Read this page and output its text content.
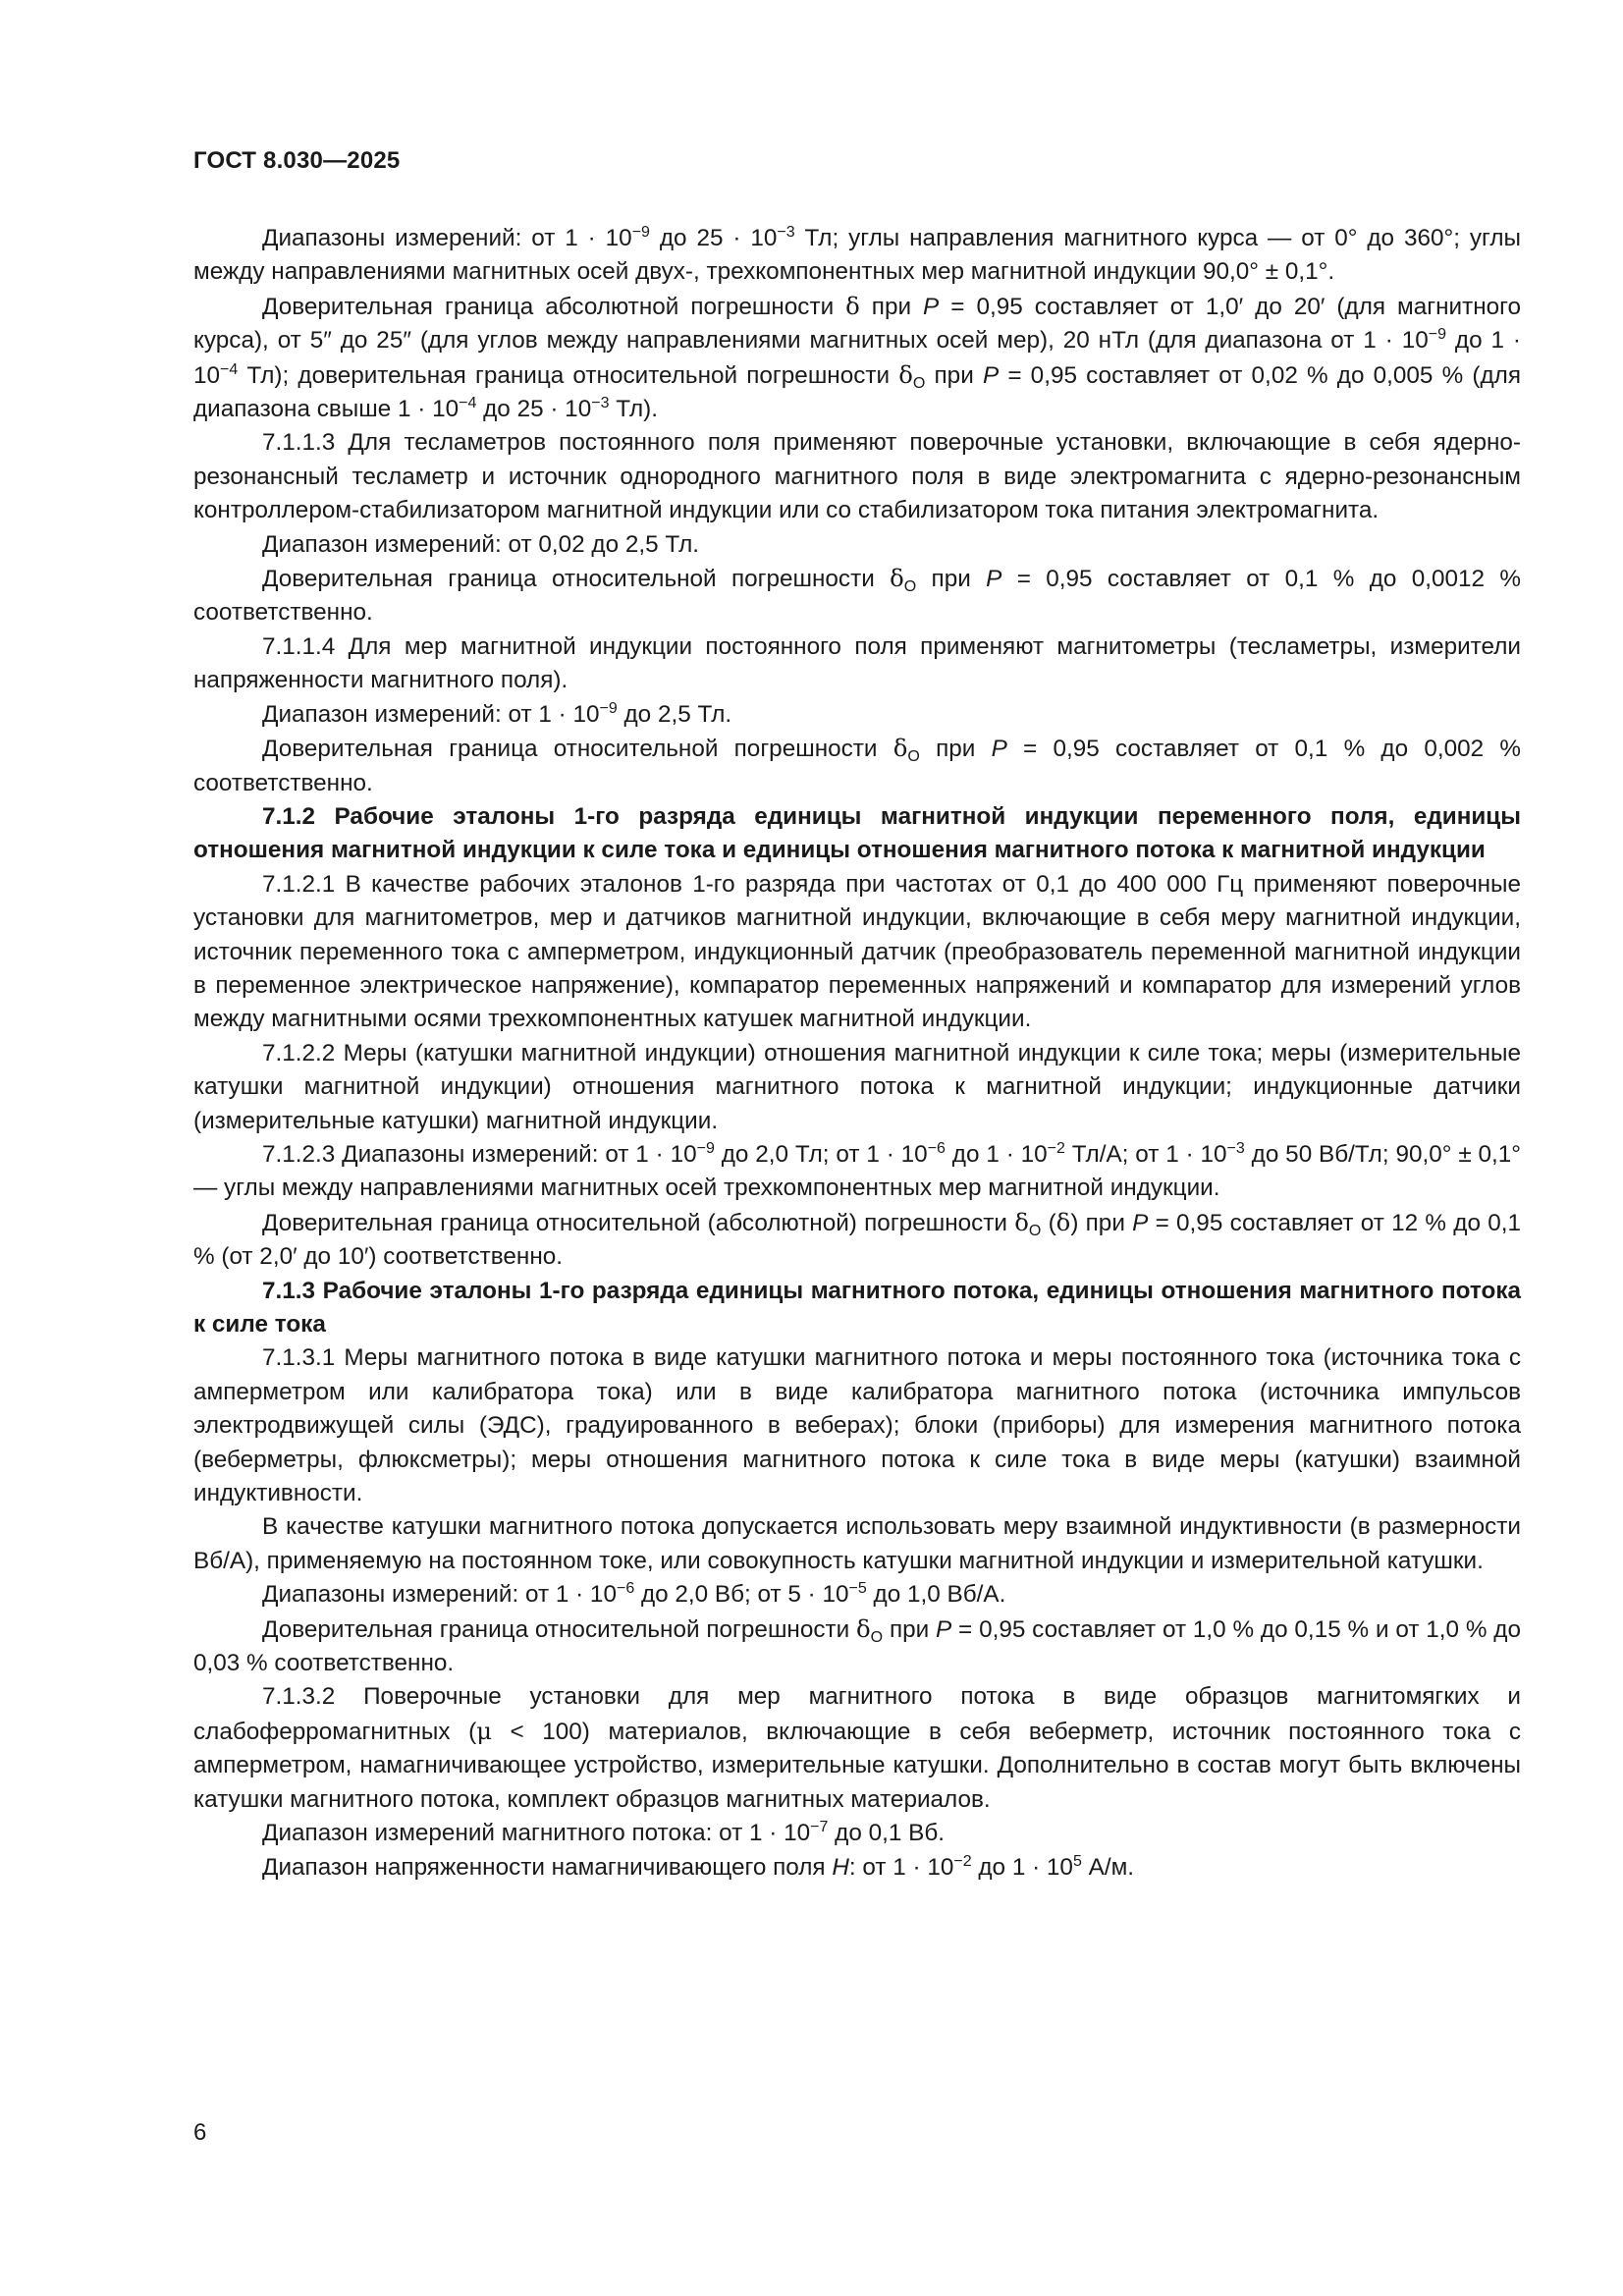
ГОСТ 8.030—2025

Диапазоны измерений: от $1 \cdot 10^{-9}$ до $25 \cdot 10^{-3}$ Тл; углы направления магнитного курса — от 0° до 360°; углы между направлениями магнитных осей двух-, трехкомпонентных мер магнитной индукции 90,0° ± 0,1°.

Доверительная граница абсолютной погрешности δ при P = 0,95 составляет от 1,0′ до 20′ (для магнитного курса), от 5″ до 25″ (для углов между направлениями магнитных осей мер), 20 нТл (для диапазона от $1 \cdot 10^{-9}$ до $1 \cdot 10^{-4}$ Тл); доверительная граница относительной погрешности $\delta_O$ при P = 0,95 составляет от 0,02 % до 0,005 % (для диапазона свыше $1 \cdot 10^{-4}$ до $25 \cdot 10^{-3}$ Тл).

7.1.1.3 Для тесламетров постоянного поля применяют поверочные установки, включающие в себя ядерно-резонансный тесламетр и источник однородного магнитного поля в виде электромагнита с ядерно-резонансным контроллером-стабилизатором магнитной индукции или со стабилизатором тока питания электромагнита.

Диапазон измерений: от 0,02 до 2,5 Тл.

Доверительная граница относительной погрешности $\delta_O$ при P = 0,95 составляет от 0,1 % до 0,0012 % соответственно.

7.1.1.4 Для мер магнитной индукции постоянного поля применяют магнитометры (тесламетры, измерители напряженности магнитного поля).

Диапазон измерений: от $1 \cdot 10^{-9}$ до 2,5 Тл.

Доверительная граница относительной погрешности $\delta_O$ при P = 0,95 составляет от 0,1 % до 0,002 % соответственно.

7.1.2 Рабочие эталоны 1-го разряда единицы магнитной индукции переменного поля, единицы отношения магнитной индукции к силе тока и единицы отношения магнитного потока к магнитной индукции

7.1.2.1 В качестве рабочих эталонов 1-го разряда при частотах от 0,1 до 400 000 Гц применяют поверочные установки для магнитометров, мер и датчиков магнитной индукции, включающие в себя меру магнитной индукции, источник переменного тока с амперметром, индукционный датчик (преобразователь переменной магнитной индукции в переменное электрическое напряжение), компаратор переменных напряжений и компаратор для измерений углов между магнитными осями трехкомпонентных катушек магнитной индукции.

7.1.2.2 Меры (катушки магнитной индукции) отношения магнитной индукции к силе тока; меры (измерительные катушки магнитной индукции) отношения магнитного потока к магнитной индукции; индукционные датчики (измерительные катушки) магнитной индукции.

7.1.2.3 Диапазоны измерений: от $1 \cdot 10^{-9}$ до 2,0 Тл; от $1 \cdot 10^{-6}$ до $1 \cdot 10^{-2}$ Тл/А; от $1 \cdot 10^{-3}$ до 50 Вб/Тл; 90,0° ± 0,1° — углы между направлениями магнитных осей трехкомпонентных мер магнитной индукции.

Доверительная граница относительной (абсолютной) погрешности $\delta_O$ (δ) при P = 0,95 составляет от 12 % до 0,1 % (от 2,0′ до 10′) соответственно.

7.1.3 Рабочие эталоны 1-го разряда единицы магнитного потока, единицы отношения магнитного потока к силе тока

7.1.3.1 Меры магнитного потока в виде катушки магнитного потока и меры постоянного тока (источника тока с амперметром или калибратора тока) или в виде калибратора магнитного потока (источника импульсов электродвижущей силы (ЭДС), градуированного в веберах); блоки (приборы) для измерения магнитного потока (веберметры, флюксметры); меры отношения магнитного потока к силе тока в виде меры (катушки) взаимной индуктивности.

В качестве катушки магнитного потока допускается использовать меру взаимной индуктивности (в размерности Вб/А), применяемую на постоянном токе, или совокупность катушки магнитной индукции и измерительной катушки.

Диапазоны измерений: от $1 \cdot 10^{-6}$ до 2,0 Вб; от $5 \cdot 10^{-5}$ до 1,0 Вб/А.

Доверительная граница относительной погрешности $\delta_O$ при P = 0,95 составляет от 1,0 % до 0,15 % и от 1,0 % до 0,03 % соответственно.

7.1.3.2 Поверочные установки для мер магнитного потока в виде образцов магнитомягких и слабоферромагнитных (μ < 100) материалов, включающие в себя веберметр, источник постоянного тока с амперметром, намагничивающее устройство, измерительные катушки. Дополнительно в состав могут быть включены катушки магнитного потока, комплект образцов магнитных материалов.

Диапазон измерений магнитного потока: от $1 \cdot 10^{-7}$ до 0,1 Вб.

Диапазон напряженности намагничивающего поля H: от $1 \cdot 10^{-2}$ до $1 \cdot 10^5$ А/м.

6
